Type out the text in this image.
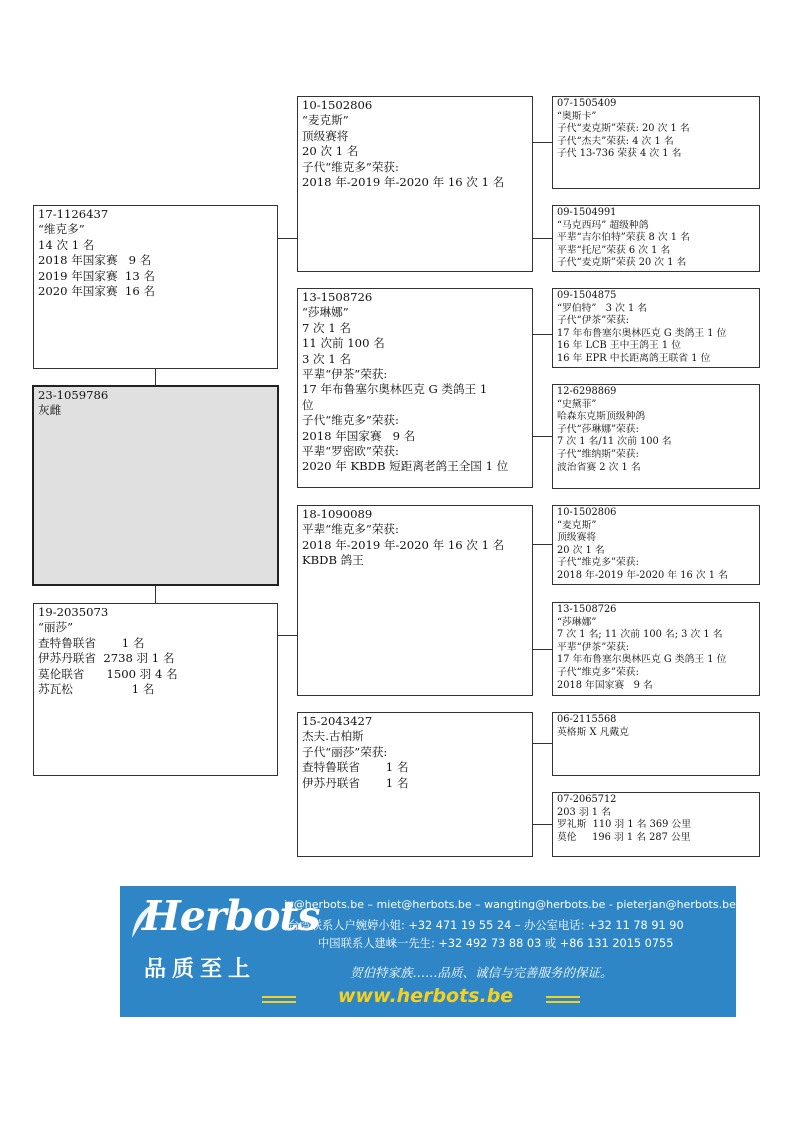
17-1126437
“维克多”
14 次 1 名
2018 年国家赛   9 名
2019 年国家赛  13 名
2020 年国家赛  16 名
23-1059786
灰雌
19-2035073
“丽莎”
查特鲁联省       1 名
伊苏丹联省  2738 羽 1 名
莫伦联省      1500 羽 4 名
苏瓦松                1 名
10-1502806
“麦克斯”
顶级赛将
20 次 1 名
子代“维克多”荣获:
2018 年-2019 年-2020 年 16 次 1 名
13-1508726
“莎琳娜”
7 次 1 名
11 次前 100 名
3 次 1 名
平辈“伊茶”荣获:
17 年布鲁塞尔奥林匹克 G 类鸽王 1
位
子代“维克多”荣获:
2018 年国家赛   9 名
平辈“罗密欧”荣获:
2020 年 KBDB 短距离老鸽王全国 1 位
18-1090089
平辈“维克多”荣获:
2018 年-2019 年-2020 年 16 次 1 名
KBDB 鸽王
15-2043427
杰夫.古柏斯
子代“丽莎”荣获:
查特鲁联省       1 名
伊苏丹联省       1 名
07-1505409
“奥斯卡”
子代“麦克斯”荣获: 20 次 1 名
子代“杰夫”荣获: 4 次 1 名
子代 13-736 荣获 4 次 1 名
09-1504991
“马克西玛” 超级种鸽
平辈“吉尔伯特”荣获 8 次 1 名
平辈“托尼”荣获 6 次 1 名
子代“麦克斯”荣获 20 次 1 名
09-1504875
“罗伯特”   3 次 1 名
子代“伊茶”荣获:
17 年布鲁塞尔奥林匹克 G 类鸽王 1 位
16 年 LCB 王中王鸽王 1 位
16 年 EPR 中长距离鸽王联省 1 位
12-6298869
“史黛菲”
哈森东克斯顶级种鸽
子代“莎琳娜”荣获:
7 次 1 名/11 次前 100 名
子代“维纳斯”荣获:
波治省赛 2 次 1 名
10-1502806
“麦克斯”
顶级赛将
20 次 1 名
子代“维克多”荣获:
2018 年-2019 年-2020 年 16 次 1 名
13-1508726
“莎琳娜”
7 次 1 名; 11 次前 100 名; 3 次 1 名
平辈“伊茶”荣获:
17 年布鲁塞尔奥林匹克 G 类鸽王 1 位
子代“维克多”荣获:
2018 年国家赛   9 名
06-2115568
英格斯 X 凡戴克
07-2065712
203 羽 1 名
罗礼斯  110 羽 1 名 369 公里
莫伦     196 羽 1 名 287 公里
Herbots
品质至上
jo@herbots.be – miet@herbots.be – wangting@herbots.be - pieterjan@herbots.be
台湾联系人户婉婷小姐: +32 471 19 55 24 – 办公室电话: +32 11 78 91 90
中国联系人建崃一先生: +32 492 73 88 03 或 +86 131 2015 0755
贺伯特家族……品质、诚信与完善服务的保证。
www.herbots.be
